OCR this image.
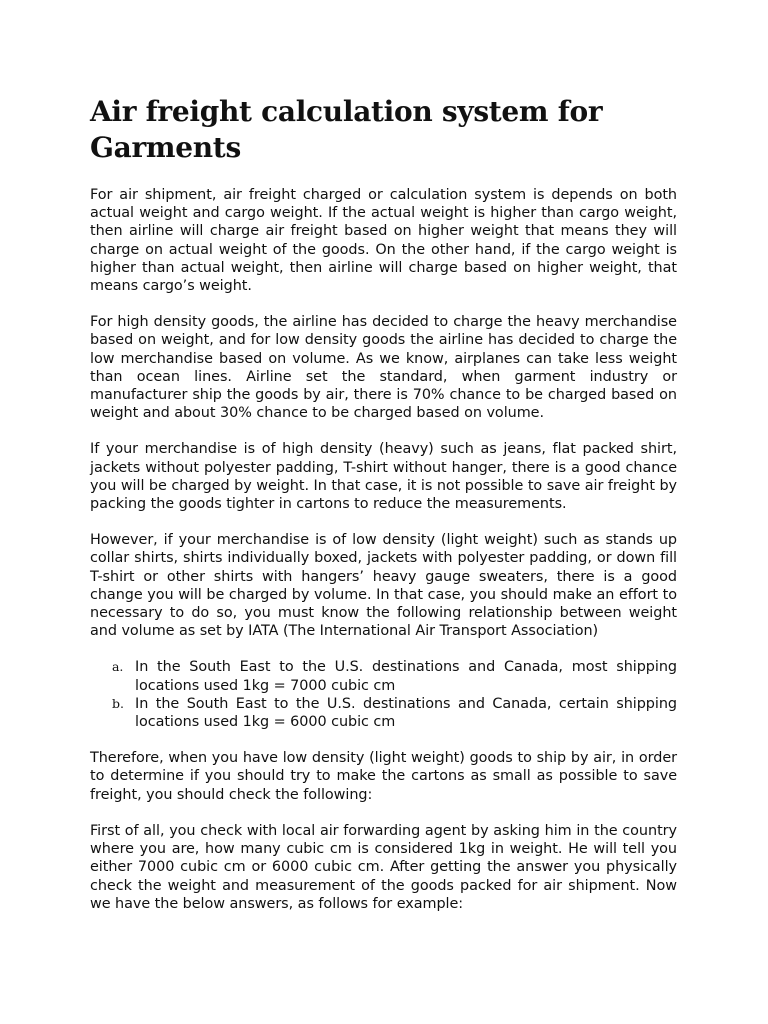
Air freight calculation system for Garments

For air shipment, air freight charged or calculation system is depends on both actual weight and cargo weight. If the actual weight is higher than cargo weight, then airline will charge air freight based on higher weight that means they will charge on actual weight of the goods. On the other hand, if the cargo weight is higher than actual weight, then airline will charge based on higher weight, that means cargo’s weight.

For high density goods, the airline has decided to charge the heavy merchandise based on weight, and for low density goods the airline has decided to charge the low merchandise based on volume. As we know, airplanes can take less weight than ocean lines. Airline set the standard, when garment industry or manufacturer ship the goods by air, there is 70% chance to be charged based on weight and about 30% chance to be charged based on volume.

If your merchandise is of high density (heavy) such as jeans, flat packed shirt, jackets without polyester padding, T-shirt without hanger, there is a good chance you will be charged by weight. In that case, it is not possible to save air freight by packing the goods tighter in cartons to reduce the measurements.

However, if your merchandise is of low density (light weight) such as stands up collar shirts, shirts individually boxed, jackets with polyester padding, or down fill T-shirt or other shirts with hangers’ heavy gauge sweaters, there is a good change you will be charged by volume. In that case, you should make an effort to necessary to do so, you must know the following relationship between weight and volume as set by IATA (The International Air Transport Association)

a. In the South East to the U.S. destinations and Canada, most shipping locations used 1kg = 7000 cubic cm
b. In the South East to the U.S. destinations and Canada, certain shipping locations used 1kg = 6000 cubic cm

Therefore, when you have low density (light weight) goods to ship by air, in order to determine if you should try to make the cartons as small as possible to save freight, you should check the following:

First of all, you check with local air forwarding agent by asking him in the country where you are, how many cubic cm is considered 1kg in weight. He will tell you either 7000 cubic cm or 6000 cubic cm. After getting the answer you physically check the weight and measurement of the goods packed for air shipment. Now we have the below answers, as follows for example:
